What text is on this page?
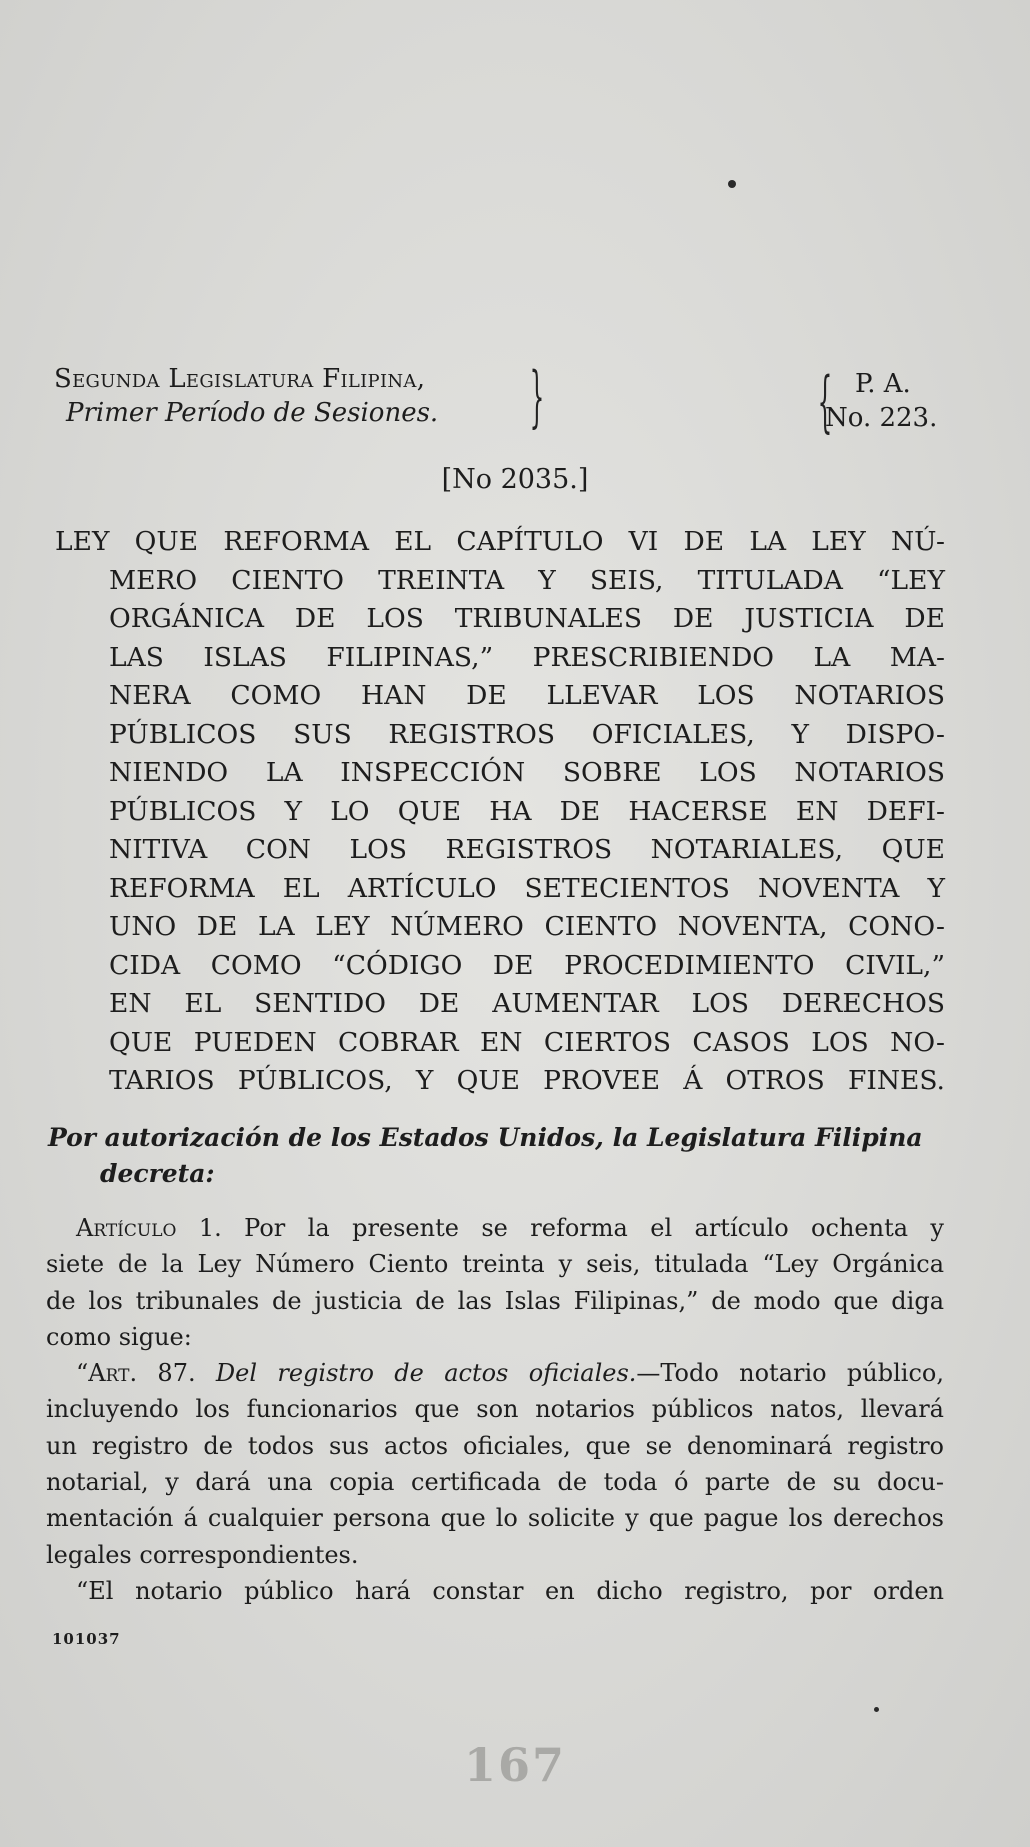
Segunda Legislatura Filipina,
Primer Período de Sesiones.	}	{ P. A.
No. 223.
[No 2035.]
LEY QUE REFORMA EL CAPÍTULO VI DE LA LEY NÚ-
MERO CIENTO TREINTA Y SEIS, TITULADA “LEY
ORGÁNICA DE LOS TRIBUNALES DE JUSTICIA DE
LAS ISLAS FILIPINAS,” PRESCRIBIENDO LA MA-
NERA COMO HAN DE LLEVAR LOS NOTARIOS
PÚBLICOS SUS REGISTROS OFICIALES, Y DISPO-
NIENDO LA INSPECCIÓN SOBRE LOS NOTARIOS
PÚBLICOS Y LO QUE HA DE HACERSE EN DEFI-
NITIVA CON LOS REGISTROS NOTARIALES, QUE
REFORMA EL ARTÍCULO SETECIENTOS NOVENTA Y
UNO DE LA LEY NÚMERO CIENTO NOVENTA, CONO-
CIDA COMO “CÓDIGO DE PROCEDIMIENTO CIVIL,”
EN EL SENTIDO DE AUMENTAR LOS DERECHOS
QUE PUEDEN COBRAR EN CIERTOS CASOS LOS NO-
TARIOS PÚBLICOS, Y QUE PROVEE Á OTROS FINES.
Por autorización de los Estados Unidos, la Legislatura Filipina
decreta:
Artículo 1. Por la presente se reforma el artículo ochenta y
siete de la Ley Número Ciento treinta y seis, titulada “Ley Orgánica
de los tribunales de justicia de las Islas Filipinas,” de modo que diga
como sigue:
“Art. 87. Del registro de actos oficiales.—Todo notario público,
incluyendo los funcionarios que son notarios públicos natos, llevará
un registro de todos sus actos oficiales, que se denominará registro
notarial, y dará una copia certificada de toda ó parte de su docu-
mentación á cualquier persona que lo solicite y que pague los derechos
legales correspondientes.
“El notario público hará constar en dicho registro, por orden
101037
167
